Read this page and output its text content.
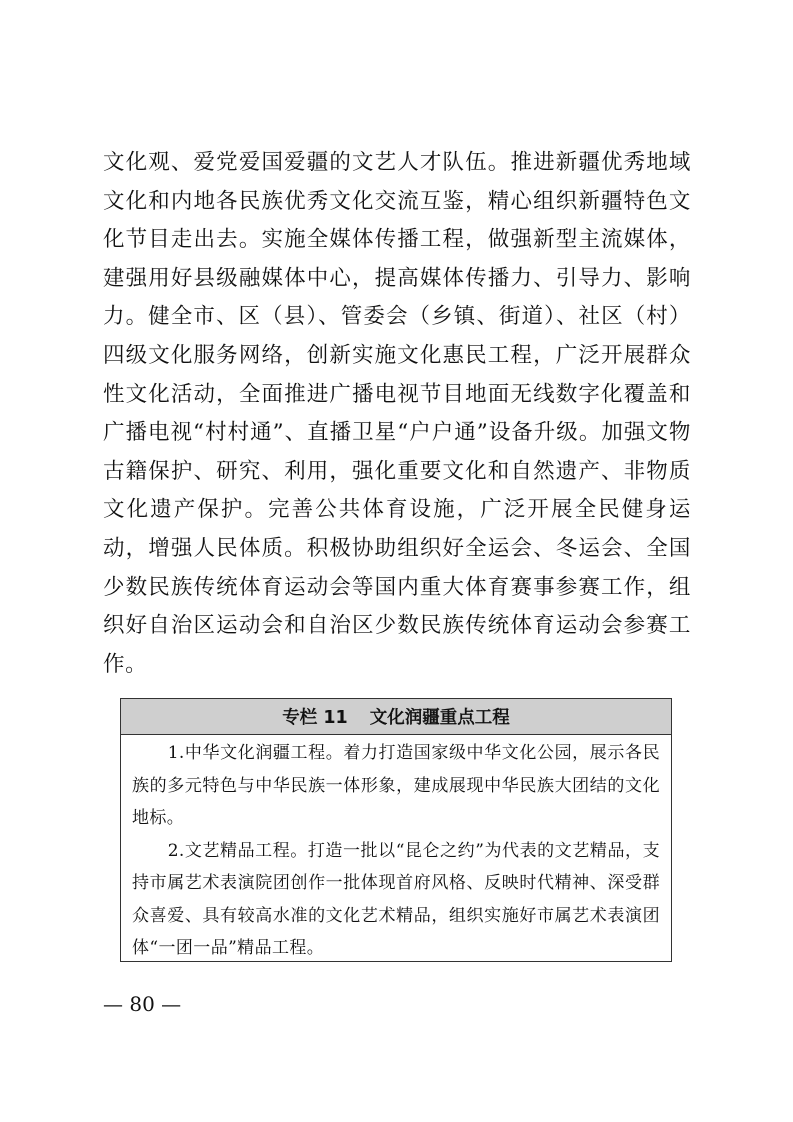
文化观、爱党爱国爱疆的文艺人才队伍。推进新疆优秀地域文化和内地各民族优秀文化交流互鉴，精心组织新疆特色文化节目走出去。实施全媒体传播工程，做强新型主流媒体，建强用好县级融媒体中心，提高媒体传播力、引导力、影响力。健全市、区（县）、管委会（乡镇、街道）、社区（村）四级文化服务网络，创新实施文化惠民工程，广泛开展群众性文化活动，全面推进广播电视节目地面无线数字化覆盖和广播电视“村村通”、直播卫星“户户通”设备升级。加强文物古籍保护、研究、利用，强化重要文化和自然遗产、非物质文化遗产保护。完善公共体育设施，广泛开展全民健身运动，增强人民体质。积极协助组织好全运会、冬运会、全国少数民族传统体育运动会等国内重大体育赛事参赛工作，组织好自治区运动会和自治区少数民族传统体育运动会参赛工作。

专栏 11 文化润疆重点工程

1.中华文化润疆工程。着力打造国家级中华文化公园，展示各民族的多元特色与中华民族一体形象，建成展现中华民族大团结的文化地标。

2.文艺精品工程。打造一批以“昆仑之约”为代表的文艺精品，支持市属艺术表演院团创作一批体现首府风格、反映时代精神、深受群众喜爱、具有较高水准的文化艺术精品，组织实施好市属艺术表演团体“一团一品”精品工程。

— 80 —
